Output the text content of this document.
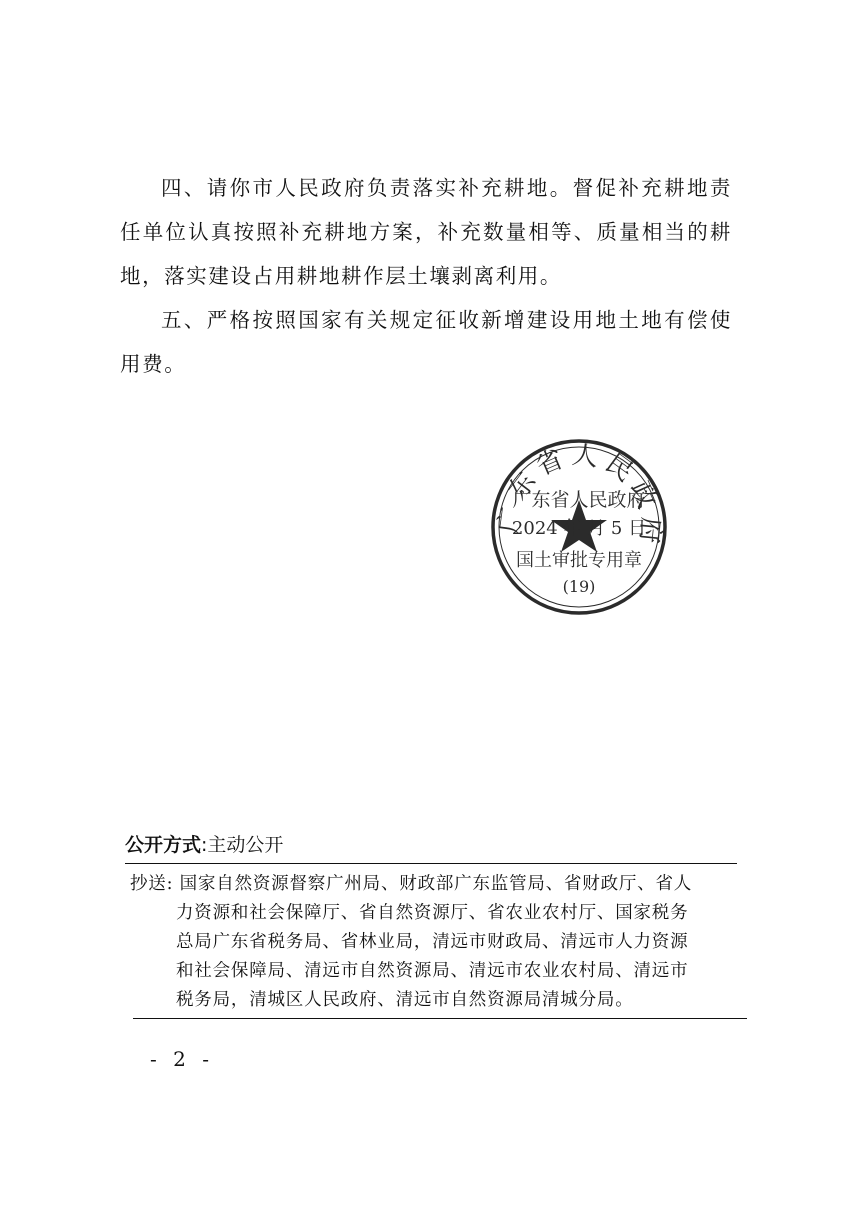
四、请你市人民政府负责落实补充耕地。督促补充耕地责任单位认真按照补充耕地方案，补充数量相等、质量相当的耕地，落实建设占用耕地耕作层土壤剥离利用。

五、严格按照国家有关规定征收新增建设用地土地有偿使用费。

广东省人民政府
广东省人民政府
2024 年 月 5 日
国土审批专用章
(19)
公开方式:主动公开
抄送: 国家自然资源督察广州局、财政部广东监管局、省财政厅、省人
力资源和社会保障厅、省自然资源厅、省农业农村厅、国家税务
总局广东省税务局、省林业局，清远市财政局、清远市人力资源
和社会保障局、清远市自然资源局、清远市农业农村局、清远市
税务局，清城区人民政府、清远市自然资源局清城分局。
- 2 -
